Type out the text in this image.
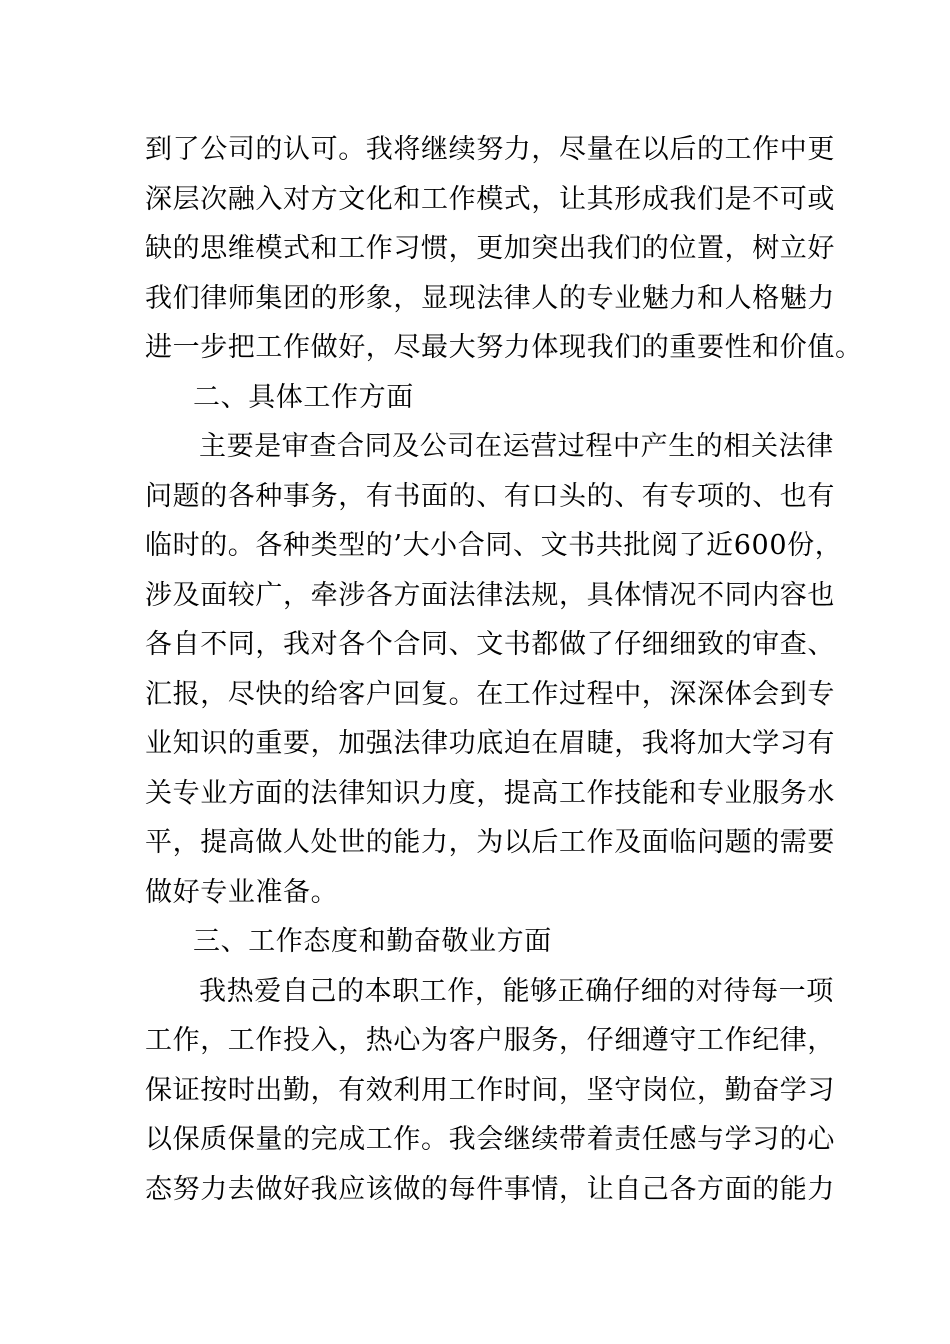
到了公司的认可。我将继续努力，尽量在以后的工作中更
深层次融入对方文化和工作模式，让其形成我们是不可或
缺的思维模式和工作习惯，更加突出我们的位置，树立好
我们律师集团的形象，显现法律人的专业魅力和人格魅力
进一步把工作做好，尽最大努力体现我们的重要性和价值。
二、具体工作方面
主要是审查合同及公司在运营过程中产生的相关法律
问题的各种事务，有书面的、有口头的、有专项的、也有
临时的。各种类型的’大小合同、文书共批阅了近600份，
涉及面较广，牵涉各方面法律法规，具体情况不同内容也
各自不同，我对各个合同、文书都做了仔细细致的审查、
汇报，尽快的给客户回复。在工作过程中，深深体会到专
业知识的重要，加强法律功底迫在眉睫，我将加大学习有
关专业方面的法律知识力度，提高工作技能和专业服务水
平，提高做人处世的能力，为以后工作及面临问题的需要
做好专业准备。
三、工作态度和勤奋敬业方面
我热爱自己的本职工作，能够正确仔细的对待每一项
工作，工作投入，热心为客户服务，仔细遵守工作纪律，
保证按时出勤，有效利用工作时间，坚守岗位，勤奋学习
以保质保量的完成工作。我会继续带着责任感与学习的心
态努力去做好我应该做的每件事情，让自己各方面的能力
